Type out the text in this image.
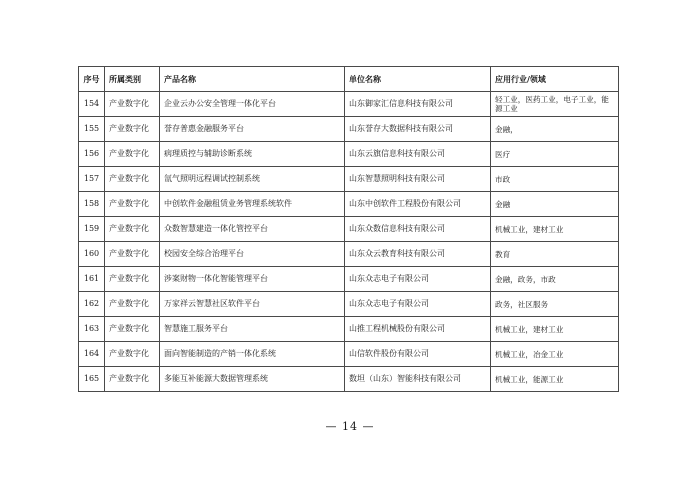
序号	所属类别	产品名称	单位名称	应用行业/领域
154	产业数字化	企业云办公安全管理一体化平台	山东御家汇信息科技有限公司	轻工业，医药工业，电子工业，能源工业
155	产业数字化	誉存普惠金融服务平台	山东誉存大数据科技有限公司	金融，
156	产业数字化	病理质控与辅助诊断系统	山东云旗信息科技有限公司	医疗
157	产业数字化	氙气照明远程调试控制系统	山东智慧照明科技有限公司	市政
158	产业数字化	中创软件金融租赁业务管理系统软件	山东中创软件工程股份有限公司	金融
159	产业数字化	众数智慧建造一体化管控平台	山东众数信息科技有限公司	机械工业，建材工业
160	产业数字化	校园安全综合治理平台	山东众云教育科技有限公司	教育
161	产业数字化	涉案财物一体化智能管理平台	山东众志电子有限公司	金融，政务，市政
162	产业数字化	万家祥云智慧社区软件平台	山东众志电子有限公司	政务，社区服务
163	产业数字化	智慧施工服务平台	山推工程机械股份有限公司	机械工业，建材工业
164	产业数字化	面向智能制造的产销一体化系统	山信软件股份有限公司	机械工业，冶金工业
165	产业数字化	多能互补能源大数据管理系统	数坦（山东）智能科技有限公司	机械工业，能源工业
— 14 —
